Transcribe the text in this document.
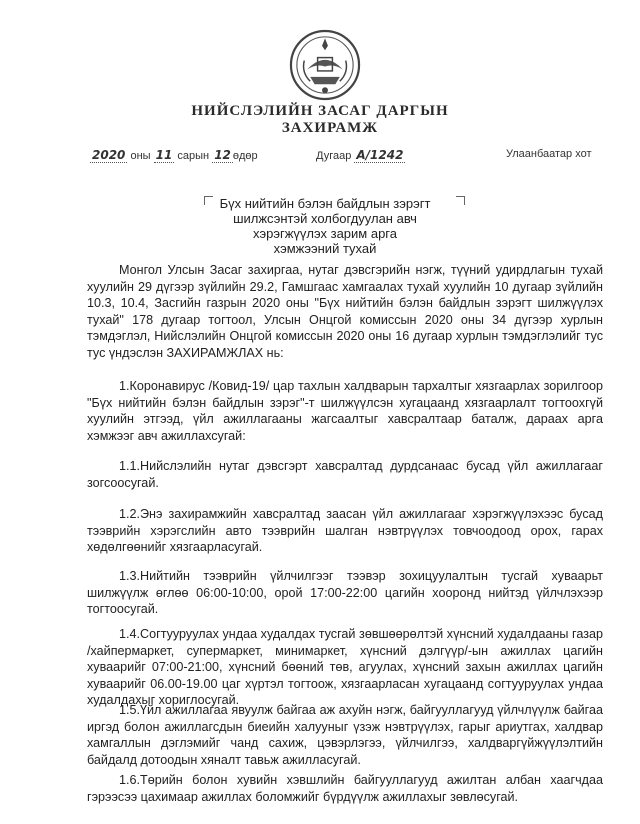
НИЙСЛЭЛИЙН ЗАСАГ ДАРГЫН
ЗАХИРАМЖ
2020 оны 11 сарын 12 өдөр	Дугаар А/1242	Улаанбаатар хот
Бүх нийтийн бэлэн байдлын зэрэгт
шилжсэнтэй холбогдуулан авч
хэрэгжүүлэх зарим арга
хэмжээний тухай

Монгол Улсын Засаг захиргаа, нутаг дэвсгэрийн нэгж, түүний удирдлагын тухай хуулийн 29 дүгээр зүйлийн 29.2, Гамшгаас хамгаалах тухай хуулийн 10 дугаар зүйлийн 10.3, 10.4, Засгийн газрын 2020 оны "Бүх нийтийн бэлэн байдлын зэрэгт шилжүүлэх тухай" 178 дугаар тогтоол, Улсын Онцгой комиссын 2020 оны 34 дүгээр хурлын тэмдэглэл, Нийслэлийн Онцгой комиссын 2020 оны 16 дугаар хурлын тэмдэглэлийг тус тус үндэслэн ЗАХИРАМЖЛАХ нь:

1.Коронавирус /Ковид-19/ цар тахлын халдварын тархалтыг хязгаарлах зорилгоор "Бүх нийтийн бэлэн байдлын зэрэг"-т шилжүүлсэн хугацаанд хязгаарлалт тогтоохгүй хуулийн этгээд, үйл ажиллагааны жагсаалтыг хавсралтаар баталж, дараах арга хэмжээг авч ажиллахсугай:

1.1.Нийслэлийн нутаг дэвсгэрт хавсралтад дурдсанаас бусад үйл ажиллагааг зогсоосугай.

1.2.Энэ захирамжийн хавсралтад заасан үйл ажиллагааг хэрэгжүүлэхээс бусад тээврийн хэрэгслийн авто тээврийн шалган нэвтрүүлэх товчоодоод орох, гарах хөдөлгөөнийг хязгаарласугай.

1.3.Нийтийн тээврийн үйлчилгээг тээвэр зохицуулалтын тусгай хуваарьт шилжүүлж өглөө 06:00-10:00, орой 17:00-22:00 цагийн хооронд нийтэд үйлчлэхээр тогтоосугай.

1.4.Согтууруулах ундаа худалдах тусгай зөвшөөрөлтэй хүнсний худалдааны газар /хайпермаркет, супермаркет, минимаркет, хүнсний дэлгүүр/-ын ажиллах цагийн хуваарийг 07:00-21:00, хүнсний бөөний төв, агуулах, хүнсний захын ажиллах цагийн хуваарийг 06.00-19.00 цаг хүртэл тогтоож, хязгаарласан хугацаанд согтууруулах ундаа худалдахыг хориглосугай.

1.5.Үйл ажиллагаа явуулж байгаа аж ахуйн нэгж, байгууллагууд үйлчлүүлж байгаа иргэд болон ажиллагсдын биеийн халууныг үзэж нэвтрүүлэх, гарыг ариутгах, халдвар хамгаллын дэглэмийг чанд сахиж, цэвэрлэгээ, үйлчилгээ, халдваргүйжүүлэлтийн байдалд дотоодын хяналт тавьж ажилласугай.

1.6.Төрийн болон хувийн хэвшлийн байгууллагууд ажилтан албан хаагчдаа гэрээсээ цахимаар ажиллах боломжийг бүрдүүлж ажиллахыг зөвлөсугай.
